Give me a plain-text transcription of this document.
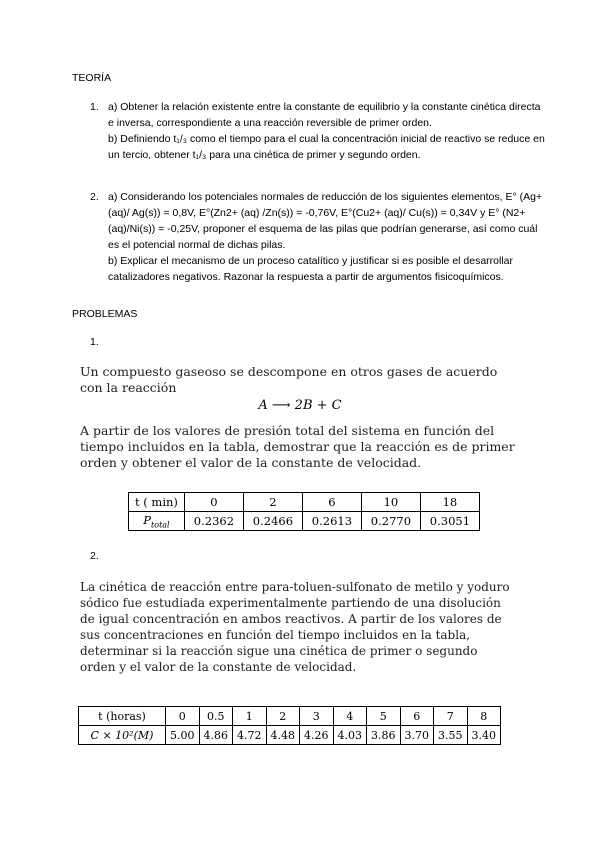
TEORÍA
1. a) Obtener la relación existente entre la constante de equilibrio y la constante cinética directa e inversa, correspondiente a una reacción reversible de primer orden.

b) Definiendo t₁/₃ como el tiempo para el cual la concentración inicial de reactivo se reduce en un tercio, obtener t₁/₃ para una cinética de primer y segundo orden.

2. a) Considerando los potenciales normales de reducción de los siguientes elementos, E° (Ag+ (aq)/ Ag(s)) = 0,8V, E°(Zn2+ (aq) /Zn(s)) = -0,76V, E°(Cu2+ (aq)/ Cu(s)) = 0,34V y E° (N2+(aq)/Ni(s)) = -0,25V, proponer el esquema de las pilas que podrían generarse, así como cuál es el potencial normal de dichas pilas.

b) Explicar el mecanismo de un proceso catalítico y justificar si es posible el desarrollar catalizadores negativos. Razonar la respuesta a partir de argumentos fisicoquímicos.

PROBLEMAS
1.
Un compuesto gaseoso se descompone en otros gases de acuerdo con la reacción
A ⟶ 2B + C
A partir de los valores de presión total del sistema en función del tiempo incluidos en la tabla, demostrar que la reacción es de primer orden y obtener el valor de la constante de velocidad.
t ( min)	0	2	6	10	18
$P_{total}$	0.2362	0.2466	0.2613	0.2770	0.3051
2.
La cinética de reacción entre para-toluen-sulfonato de metilo y yoduro sódico fue estudiada experimentalmente partiendo de una disolución de igual concentración en ambos reactivos. A partir de los valores de sus concentraciones en función del tiempo incluidos en la tabla, determinar si la reacción sigue una cinética de primer o segundo orden y el valor de la constante de velocidad.
t (horas)	0	0.5	1	2	3	4	5	6	7	8
C × 10²(M)	5.00	4.86	4.72	4.48	4.26	4.03	3.86	3.70	3.55	3.40
